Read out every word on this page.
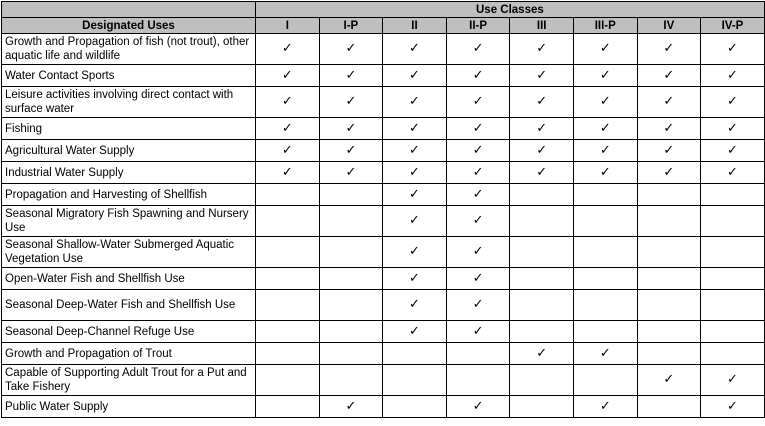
	Use Classes							
Designated Uses	I	I-P	II	II-P	III	III-P	IV	IV-P
Growth and Propagation of fish (not trout), other aquatic life and wildlife	✓	✓	✓	✓	✓	✓	✓	✓
Water Contact Sports	✓	✓	✓	✓	✓	✓	✓	✓
Leisure activities involving direct contact with surface water	✓	✓	✓	✓	✓	✓	✓	✓
Fishing	✓	✓	✓	✓	✓	✓	✓	✓
Agricultural Water Supply	✓	✓	✓	✓	✓	✓	✓	✓
Industrial Water Supply	✓	✓	✓	✓	✓	✓	✓	✓
Propagation and Harvesting of Shellfish			✓	✓				
Seasonal Migratory Fish Spawning and Nursery Use			✓	✓				
Seasonal Shallow-Water Submerged Aquatic Vegetation Use			✓	✓				
Open-Water Fish and Shellfish Use			✓	✓				
Seasonal Deep-Water Fish and Shellfish Use			✓	✓				
Seasonal Deep-Channel Refuge Use			✓	✓				
Growth and Propagation of Trout					✓	✓		
Capable of Supporting Adult Trout for a Put and Take Fishery							✓	✓
Public Water Supply		✓		✓		✓		✓
